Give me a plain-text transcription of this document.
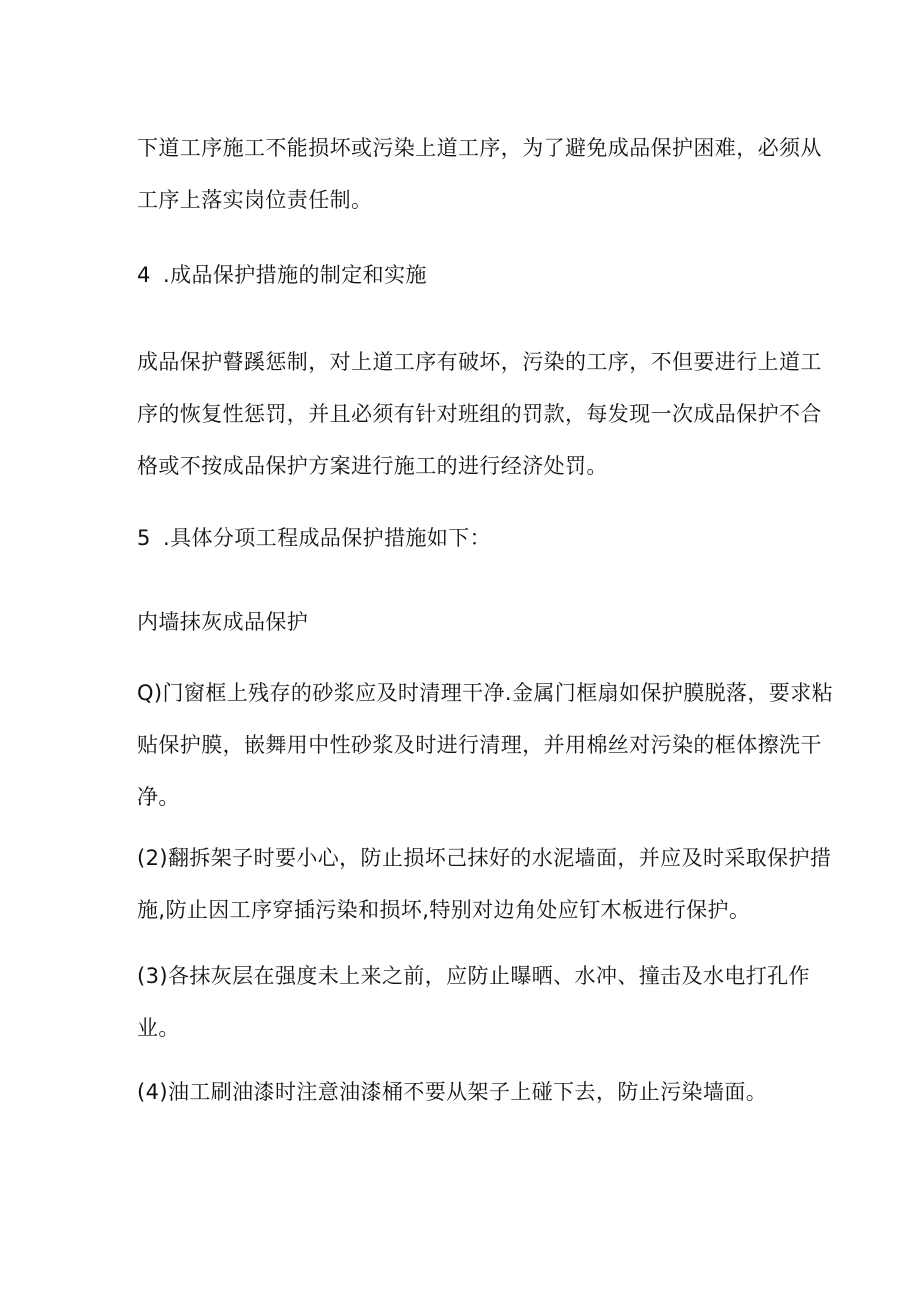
下道工序施工不能损坏或污染上道工序，为了避免成品保护困难，必须从
工序上落实岗位责任制。
4 .成品保护措施的制定和实施
成品保护瞽蹊惩制，对上道工序有破坏，污染的工序，不但要进行上道工
序的恢复性惩罚，并且必须有针对班组的罚款，每发现一次成品保护不合
格或不按成品保护方案进行施工的进行经济处罚。
5 .具体分项工程成品保护措施如下：
内墙抹灰成品保护
Q)门窗框上残存的砂浆应及时清理干净.金属门框扇如保护膜脱落，要求粘
贴保护膜，嵌舞用中性砂浆及时进行清理，并用棉丝对污染的框体擦洗干
净。
(2)翻拆架子时要小心，防止损坏己抹好的水泥墙面，并应及时采取保护措
施,防止因工序穿插污染和损坏,特别对边角处应钉木板进行保护。
(3)各抹灰层在强度未上来之前，应防止曝晒、水冲、撞击及水电打孔作
业。
(4)油工刷油漆时注意油漆桶不要从架子上碰下去，防止污染墙面。
